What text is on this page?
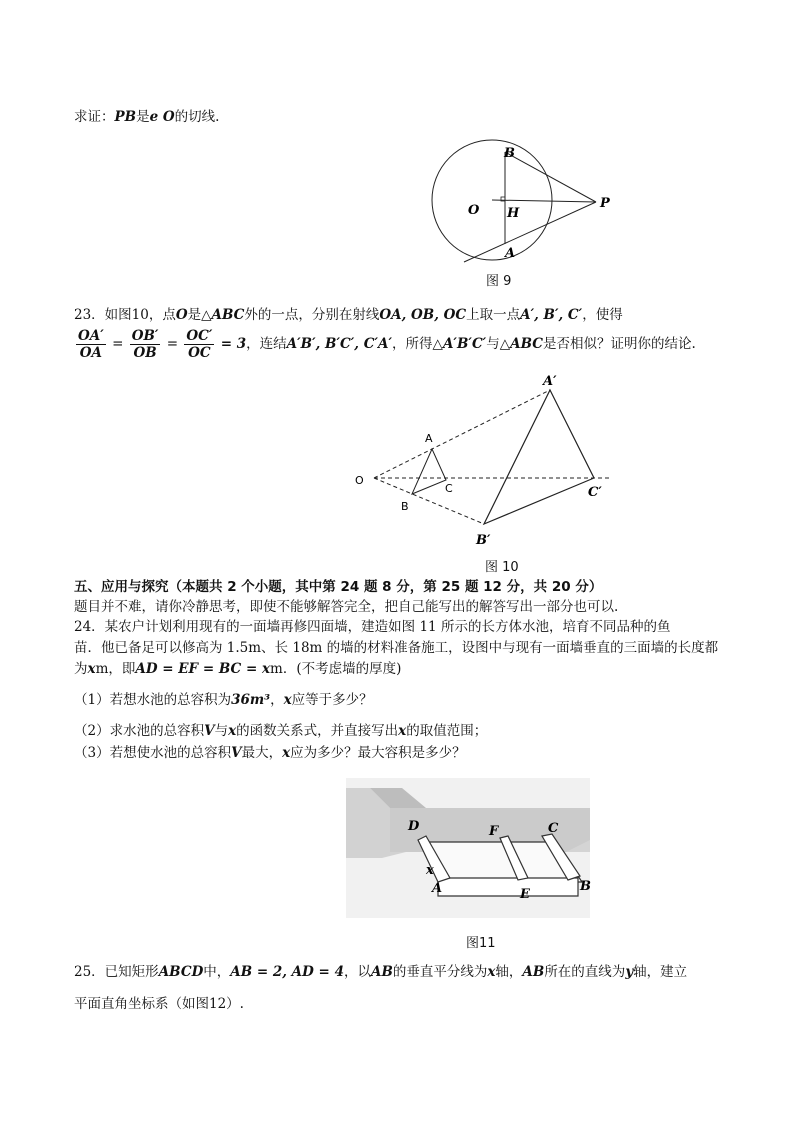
求证：PB是e O的切线.
B
O H
P
A
图 9
23．如图10，点O是△ABC外的一点，分别在射线OA, OB, OC上取一点A′, B′, C′，使得
$\frac{OA'}{OA} = \frac{OB'}{OB} = \frac{OC'}{OC} = 3$，连结A′B′, B′C′, C′A′，所得△A′B′C′与△ABC是否相似？证明你的结论.
A′
A
O
C	C′
B
B′
图 10
五、应用与探究（本题共 2 个小题，其中第 24 题 8 分，第 25 题 12 分，共 20 分）
题目并不难，请你冷静思考，即使不能够解答完全，把自己能写出的解答写出一部分也可以.
24．某农户计划利用现有的一面墙再修四面墙，建造如图 11 所示的长方体水池，培育不同品种的鱼
苗．他已备足可以修高为 1.5m、长 18m 的墙的材料准备施工，设图中与现有一面墙垂直的三面墙的长度都
为xm，即AD = EF = BC = xm．(不考虑墙的厚度)
（1）若想水池的总容积为36m³，x应等于多少？
（2）求水池的总容积V与x的函数关系式，并直接写出x的取值范围；
（3）若想使水池的总容积V最大，x应为多少？最大容积是多少？
D	F	C
x
A	E
B
图11
25．已知矩形ABCD中，AB = 2, AD = 4，以AB的垂直平分线为x轴，AB所在的直线为y轴，建立
平面直角坐标系（如图12）.
